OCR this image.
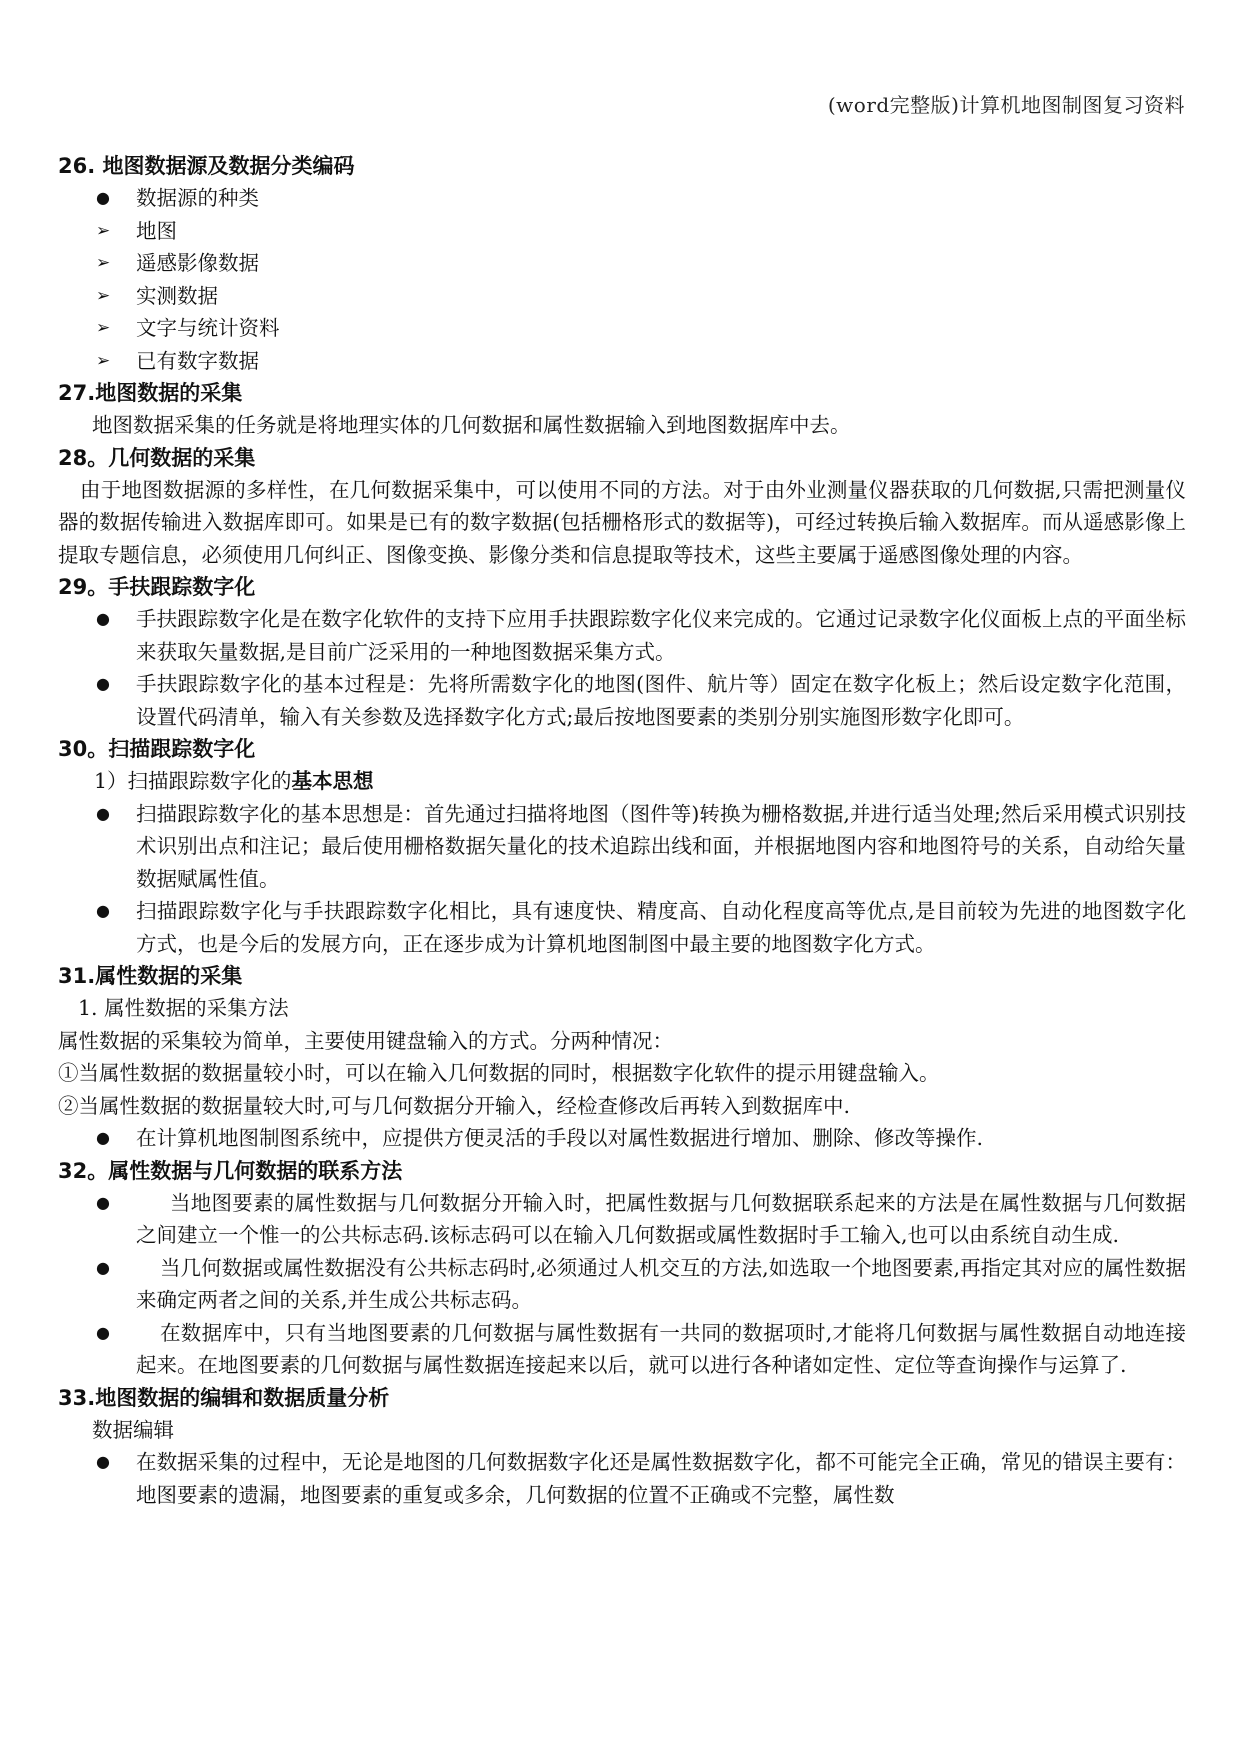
(word完整版)计算机地图制图复习资料
26. 地图数据源及数据分类编码
● 数据源的种类
➢ 地图
➢ 遥感影像数据
➢ 实测数据
➢ 文字与统计资料
➢ 已有数字数据
27.地图数据的采集
地图数据采集的任务就是将地理实体的几何数据和属性数据输入到地图数据库中去。
28。几何数据的采集
由于地图数据源的多样性，在几何数据采集中，可以使用不同的方法。对于由外业测量仪器获取的几何数据,只需把测量仪器的数据传输进入数据库即可。如果是已有的数字数据(包括栅格形式的数据等)，可经过转换后输入数据库。而从遥感影像上提取专题信息，必须使用几何纠正、图像变换、影像分类和信息提取等技术，这些主要属于遥感图像处理的内容。
29。手扶跟踪数字化
● 手扶跟踪数字化是在数字化软件的支持下应用手扶跟踪数字化仪来完成的。它通过记录数字化仪面板上点的平面坐标来获取矢量数据,是目前广泛采用的一种地图数据采集方式。
● 手扶跟踪数字化的基本过程是：先将所需数字化的地图(图件、航片等）固定在数字化板上；然后设定数字化范围，设置代码清单，输入有关参数及选择数字化方式;最后按地图要素的类别分别实施图形数字化即可。
30。扫描跟踪数字化
1）扫描跟踪数字化的基本思想
● 扫描跟踪数字化的基本思想是：首先通过扫描将地图（图件等)转换为栅格数据,并进行适当处理;然后采用模式识别技术识别出点和注记；最后使用栅格数据矢量化的技术追踪出线和面，并根据地图内容和地图符号的关系，自动给矢量数据赋属性值。
● 扫描跟踪数字化与手扶跟踪数字化相比，具有速度快、精度高、自动化程度高等优点,是目前较为先进的地图数字化方式，也是今后的发展方向，正在逐步成为计算机地图制图中最主要的地图数字化方式。
31.属性数据的采集
1. 属性数据的采集方法
属性数据的采集较为简单，主要使用键盘输入的方式。分两种情况：
①当属性数据的数据量较小时，可以在输入几何数据的同时，根据数字化软件的提示用键盘输入。
②当属性数据的数据量较大时,可与几何数据分开输入，经检查修改后再转入到数据库中.
● 在计算机地图制图系统中，应提供方便灵活的手段以对属性数据进行增加、删除、修改等操作.
32。属性数据与几何数据的联系方法
●	当地图要素的属性数据与几何数据分开输入时，把属性数据与几何数据联系起来的方法是在属性数据与几何数据之间建立一个惟一的公共标志码.该标志码可以在输入几何数据或属性数据时手工输入,也可以由系统自动生成.
● 当几何数据或属性数据没有公共标志码时,必须通过人机交互的方法,如选取一个地图要素,再指定其对应的属性数据来确定两者之间的关系,并生成公共标志码。
● 在数据库中，只有当地图要素的几何数据与属性数据有一共同的数据项时,才能将几何数据与属性数据自动地连接起来。在地图要素的几何数据与属性数据连接起来以后，就可以进行各种诸如定性、定位等查询操作与运算了.
33.地图数据的编辑和数据质量分析
数据编辑
● 在数据采集的过程中，无论是地图的几何数据数字化还是属性数据数字化，都不可能完全正确，常见的错误主要有：地图要素的遗漏，地图要素的重复或多余，几何数据的位置不正确或不完整，属性数
